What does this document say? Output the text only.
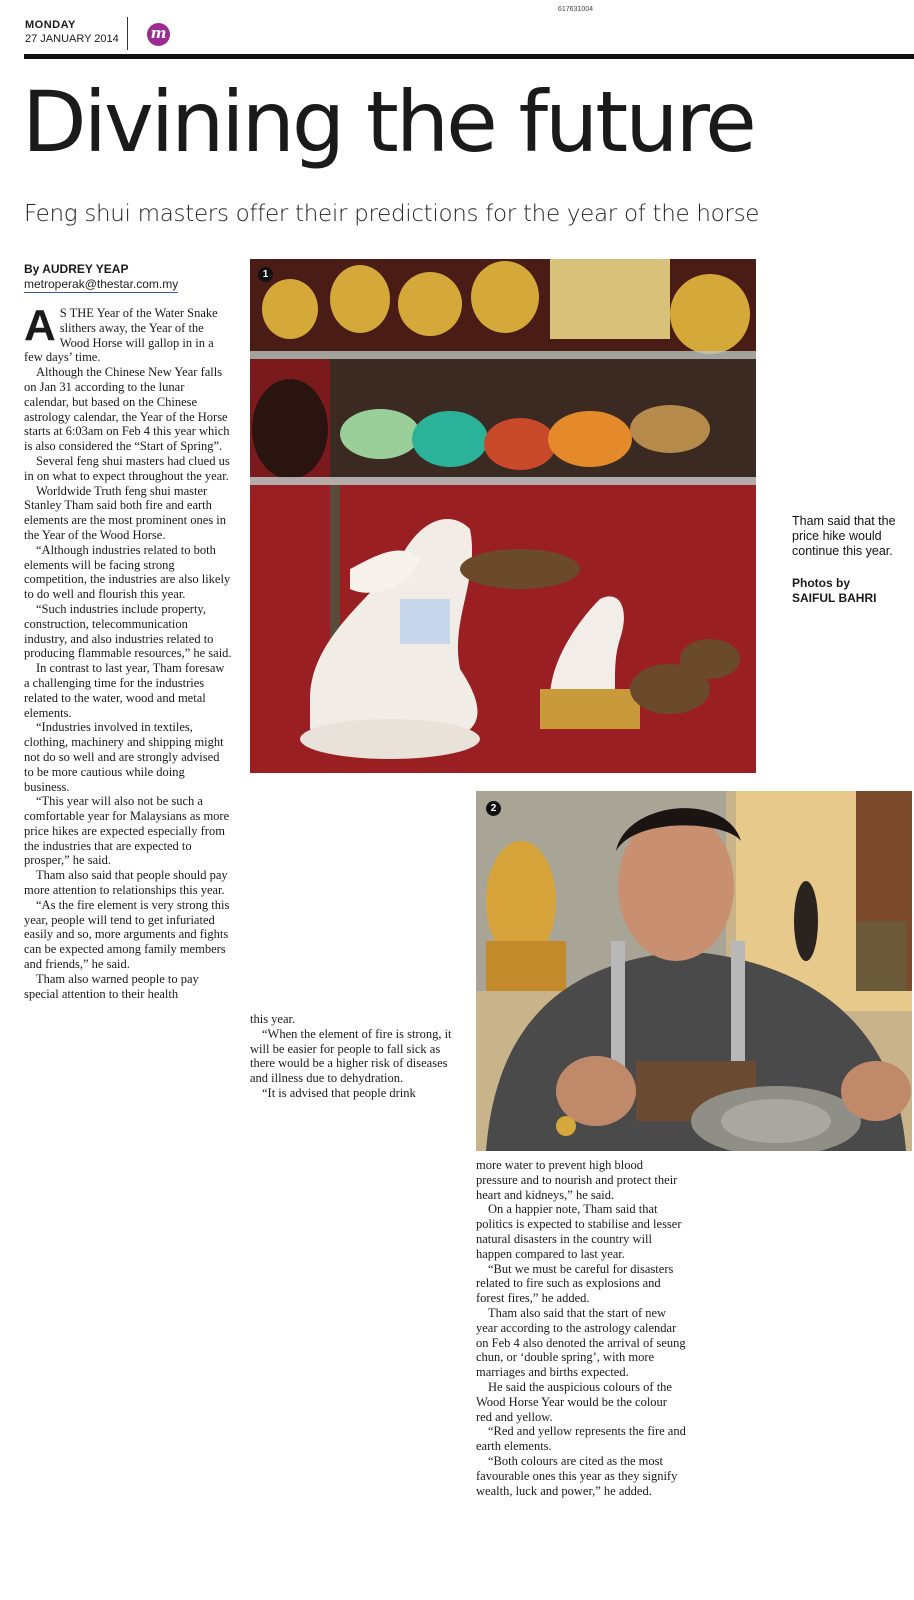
MONDAY
27 JANUARY 2014
617631004
m
Divining the future
Feng shui masters offer their predictions for the year of the horse
By AUDREY YEAP
metroperak@thestar.com.my

A S THE Year of the Water Snake slithers away, the Year of the Wood Horse will gallop in in a few days’ time.

Although the Chinese New Year falls on Jan 31 according to the lunar calendar, but based on the Chinese astrology calendar, the Year of the Horse starts at 6:03am on Feb 4 this year which is also considered the “Start of Spring”.

Several feng shui masters had clued us in on what to expect throughout the year.

Worldwide Truth feng shui master Stanley Tham said both fire and earth elements are the most prominent ones in the Year of the Wood Horse.

“Although industries related to both elements will be facing strong competition, the industries are also likely to do well and flourish this year.

“Such industries include property, construction, telecommunication industry, and also industries related to producing flammable resources,” he said.

In contrast to last year, Tham foresaw a challenging time for the industries related to the water, wood and metal elements.

“Industries involved in textiles, clothing, machinery and shipping might not do so well and are strongly advised to be more cautious while doing business.

“This year will also not be such a comfortable year for Malaysians as more price hikes are expected especially from the industries that are expected to prosper,” he said.

Tham also said that people should pay more attention to relationships this year.

“As the fire element is very strong this year, people will tend to get infuriated easily and so, more arguments and fights can be expected among family members and friends,” he said.

Tham also warned people to pay special attention to their health

1
Tham said that the price hike would continue this year.
Photos by
SAIFUL BAHRI
2

this year.

“When the element of fire is strong, it will be easier for people to fall sick as there would be a higher risk of diseases and illness due to dehydration.

“It is advised that people drink

more water to prevent high blood pressure and to nourish and protect their heart and kidneys,” he said.

On a happier note, Tham said that politics is expected to stabilise and lesser natural disasters in the country will happen compared to last year.

“But we must be careful for disasters related to fire such as explosions and forest fires,” he added.

Tham also said that the start of new year according to the astrology calendar on Feb 4 also denoted the arrival of seung chun, or ‘double spring’, with more marriages and births expected.

He said the auspicious colours of the Wood Horse Year would be the colour red and yellow.

“Red and yellow represents the fire and earth elements.

“Both colours are cited as the most favourable ones this year as they signify wealth, luck and power,” he added.
